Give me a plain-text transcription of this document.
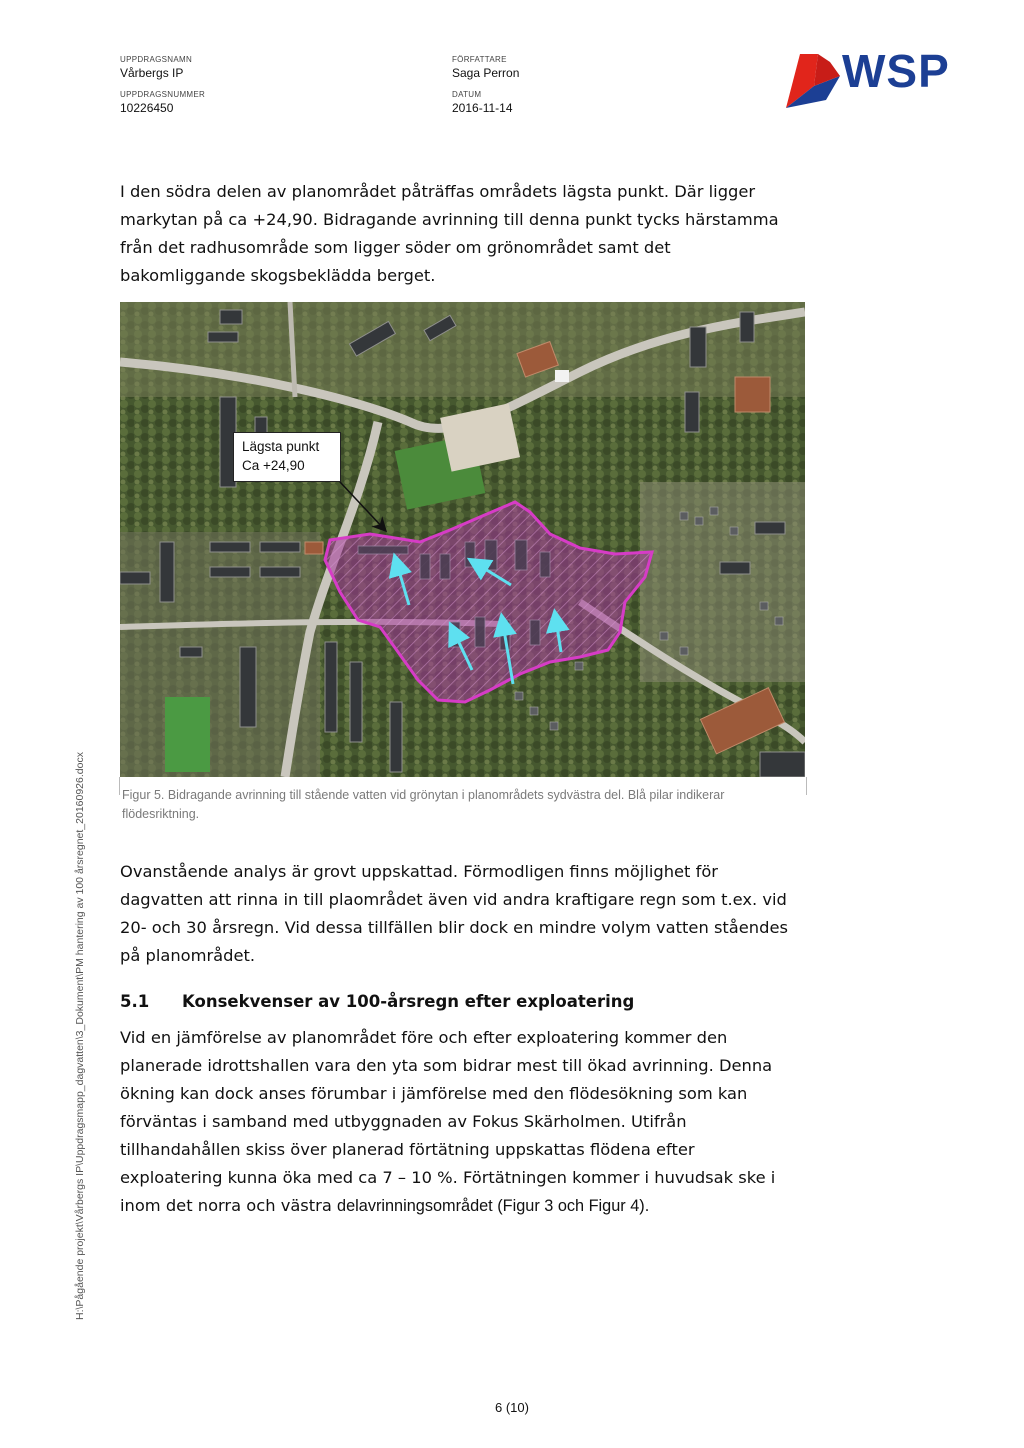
UPPDRAGSNAMN
Vårbergs IP
UPPDRAGSNUMMER
10226450
FÖRFATTARE
Saga Perron
DATUM
2016-11-14
WSP
H:\Pågående projekt\Vårbergs IP\Uppdragsmapp_dagvatten\3_Dokument\PM hantering av 100 årsregnet_20160926.docx

I den södra delen av planområdet påträffas områdets lägsta punkt. Där ligger markytan på ca +24,90. Bidragande avrinning till denna punkt tycks härstamma från det radhusområde som ligger söder om grönområdet samt det bakomliggande skogsbeklädda berget.

Lägsta punkt
Ca +24,90

Figur 5. Bidragande avrinning till stående vatten vid grönytan i planområdets sydvästra del. Blå pilar indikerar flödesriktning.

Ovanstående analys är grovt uppskattad. Förmodligen finns möjlighet för dagvatten att rinna in till plaområdet även vid andra kraftigare regn som t.ex. vid 20- och 30 årsregn. Vid dessa tillfällen blir dock en mindre volym vatten ståendes på planområdet.

5.1 Konsekvenser av 100-årsregn efter exploatering

Vid en jämförelse av planområdet före och efter exploatering kommer den planerade idrottshallen vara den yta som bidrar mest till ökad avrinning. Denna ökning kan dock anses förumbar i jämförelse med den flödesökning som kan förväntas i samband med utbyggnaden av Fokus Skärholmen. Utifrån tillhandahållen skiss över planerad förtätning uppskattas flödena efter exploatering kunna öka med ca 7 – 10 %. Förtätningen kommer i huvudsak ske i inom det norra och västra delavrinningsområdet (Figur 3 och Figur 4).

6 (10)
